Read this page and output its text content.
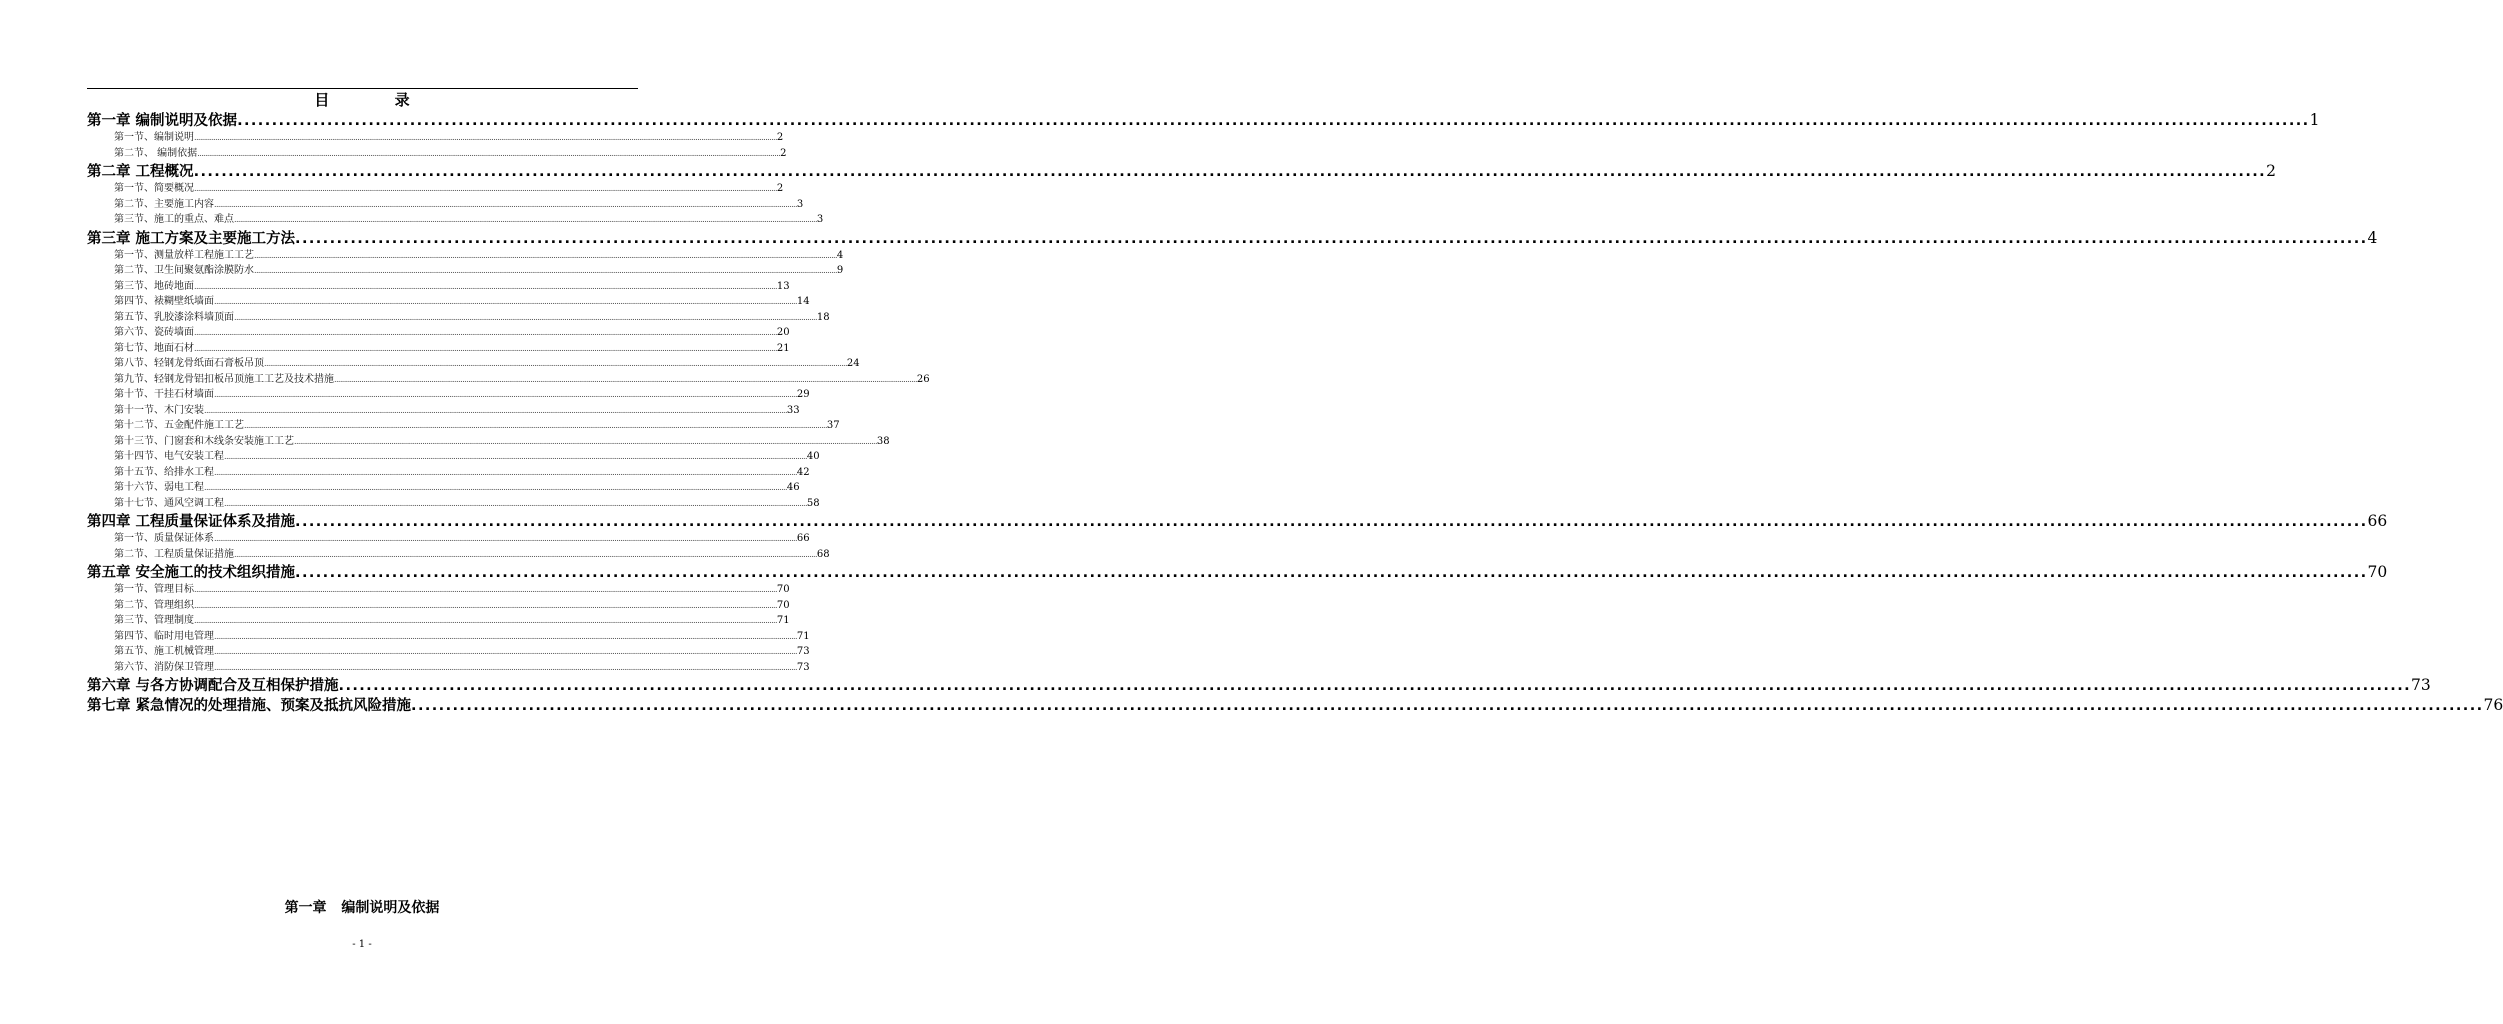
目 录
第一章 编制说明及依据 ............................................................................................................................................................................................................................................................................................................ 1
第一节、编制说明 ............................................................................................................................................................................................................................................................................................................ 2
第二节、 编制依据 ............................................................................................................................................................................................................................................................................................................ 2
第二章 工程概况 ............................................................................................................................................................................................................................................................................................................ 2
第一节、简要概况 ............................................................................................................................................................................................................................................................................................................ 2
第二节、主要施工内容 ............................................................................................................................................................................................................................................................................................................ 3
第三节、施工的重点、难点 ............................................................................................................................................................................................................................................................................................................ 3
第三章 施工方案及主要施工方法 ............................................................................................................................................................................................................................................................................................................ 4
第一节、测量放样工程施工工艺 ............................................................................................................................................................................................................................................................................................................ 4
第二节、卫生间聚氨酯涂膜防水 ............................................................................................................................................................................................................................................................................................................ 9
第三节、地砖地面 ............................................................................................................................................................................................................................................................................................................ 13
第四节、裱糊壁纸墙面 ............................................................................................................................................................................................................................................................................................................ 14
第五节、乳胶漆涂料墙顶面 ............................................................................................................................................................................................................................................................................................................ 18
第六节、瓷砖墙面 ............................................................................................................................................................................................................................................................................................................ 20
第七节、地面石材 ............................................................................................................................................................................................................................................................................................................ 21
第八节、轻钢龙骨纸面石膏板吊顶 ............................................................................................................................................................................................................................................................................................................ 24
第九节、轻钢龙骨铝扣板吊顶施工工艺及技术措施 ............................................................................................................................................................................................................................................................................................................ 26
第十节、干挂石材墙面 ............................................................................................................................................................................................................................................................................................................ 29
第十一节、木门安装 ............................................................................................................................................................................................................................................................................................................ 33
第十二节、五金配件施工工艺 ............................................................................................................................................................................................................................................................................................................ 37
第十三节、门窗套和木线条安装施工工艺 ............................................................................................................................................................................................................................................................................................................ 38
第十四节、电气安装工程 ............................................................................................................................................................................................................................................................................................................ 40
第十五节、给排水工程 ............................................................................................................................................................................................................................................................................................................ 42
第十六节、弱电工程 ............................................................................................................................................................................................................................................................................................................ 46
第十七节、通风空调工程 ............................................................................................................................................................................................................................................................................................................ 58
第四章 工程质量保证体系及措施 ............................................................................................................................................................................................................................................................................................................ 66
第一节、质量保证体系 ............................................................................................................................................................................................................................................................................................................ 66
第二节、工程质量保证措施 ............................................................................................................................................................................................................................................................................................................ 68
第五章 安全施工的技术组织措施 ............................................................................................................................................................................................................................................................................................................ 70
第一节、管理目标 ............................................................................................................................................................................................................................................................................................................ 70
第二节、管理组织 ............................................................................................................................................................................................................................................................................................................ 70
第三节、管理制度 ............................................................................................................................................................................................................................................................................................................ 71
第四节、临时用电管理 ............................................................................................................................................................................................................................................................................................................ 71
第五节、施工机械管理 ............................................................................................................................................................................................................................................................................................................ 73
第六节、消防保卫管理 ............................................................................................................................................................................................................................................................................................................ 73
第六章 与各方协调配合及互相保护措施 ............................................................................................................................................................................................................................................................................................................ 73
第七章 紧急情况的处理措施、预案及抵抗风险措施 ............................................................................................................................................................................................................................................................................................................ 76
第一章 编制说明及依据
- 1 -
